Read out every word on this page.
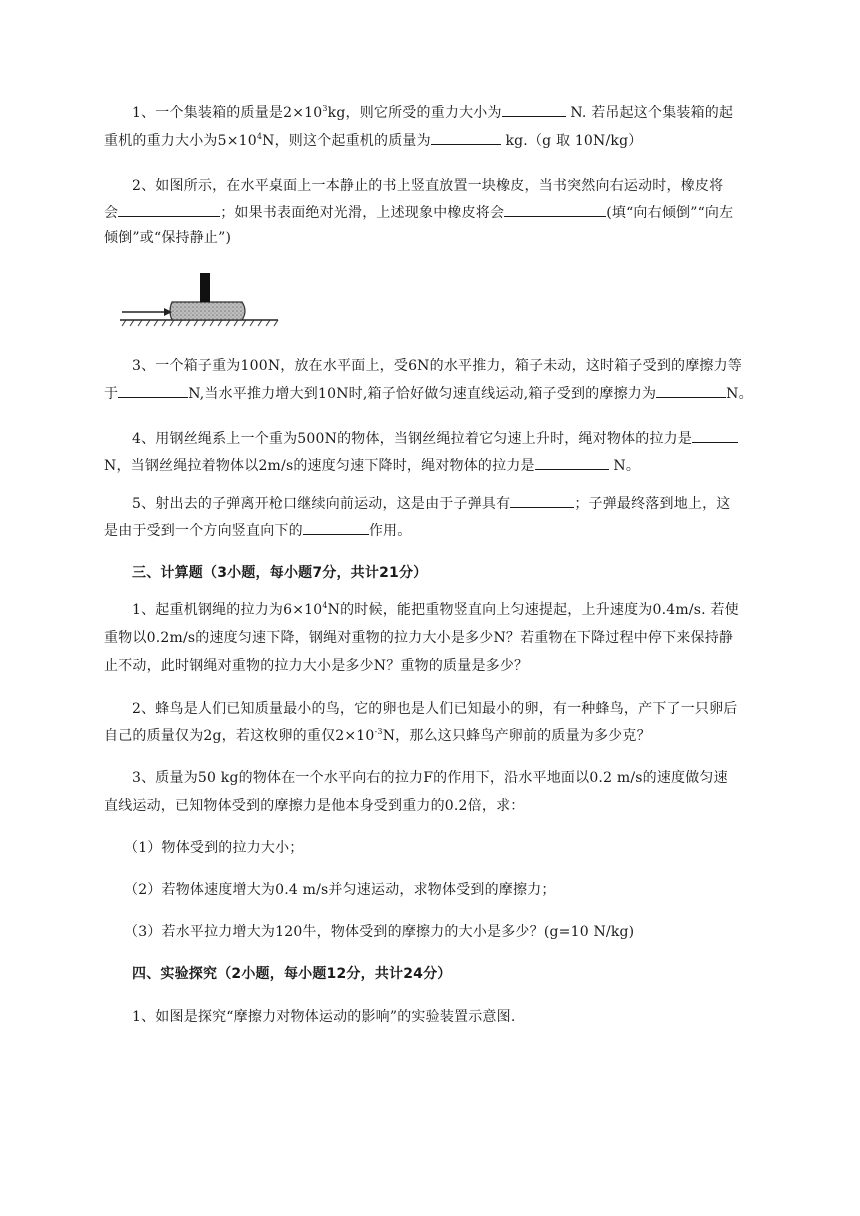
1、一个集装箱的质量是$2\times 10^3kg$，则它所受的重力大小为	N. 若吊起这个集装箱的起
重机的重力大小为$5\times 10^4N$，则这个起重机的质量为	kg.（g 取 10N/kg）
2、如图所示，在水平桌面上一本静止的书上竖直放置一块橡皮，当书突然向右运动时，橡皮将
会	；如果书表面绝对光滑，上述现象中橡皮将会	(填“向右倾倒”“向左
倾倒”或“保持静止”)
3、一个箱子重为100N，放在水平面上，受6N的水平推力，箱子未动，这时箱子受到的摩擦力等
于	N,当水平推力增大到10N时,箱子恰好做匀速直线运动,箱子受到的摩擦力为	N。
4、用钢丝绳系上一个重为500N的物体，当钢丝绳拉着它匀速上升时，绳对物体的拉力是
N，当钢丝绳拉着物体以2m/s的速度匀速下降时，绳对物体的拉力是	N。
5、射出去的子弹离开枪口继续向前运动，这是由于子弹具有	；子弹最终落到地上，这
是由于受到一个方向竖直向下的	作用。
三、计算题（3小题，每小题7分，共计21分）
1、起重机钢绳的拉力为$6\times 10^4N$的时候，能把重物竖直向上匀速提起，上升速度为0.4m/s. 若使
重物以0.2m/s的速度匀速下降，钢绳对重物的拉力大小是多少N？若重物在下降过程中停下来保持静
止不动，此时钢绳对重物的拉力大小是多少N？重物的质量是多少？
2、蜂鸟是人们已知质量最小的鸟，它的卵也是人们已知最小的卵，有一种蜂鸟，产下了一只卵后
自己的质量仅为2g，若这枚卵的重仅$2\times 10^{-3}N$，那么这只蜂鸟产卵前的质量为多少克？
3、质量为50 kg的物体在一个水平向右的拉力F的作用下，沿水平地面以0.2 m/s的速度做匀速
直线运动，已知物体受到的摩擦力是他本身受到重力的0.2倍，求：
（1）物体受到的拉力大小；
（2）若物体速度增大为0.4 m/s并匀速运动，求物体受到的摩擦力；
（3）若水平拉力增大为120牛，物体受到的摩擦力的大小是多少？(g=10 N/kg)
四、实验探究（2小题，每小题12分，共计24分）
1、如图是探究“摩擦力对物体运动的影响”的实验装置示意图.
